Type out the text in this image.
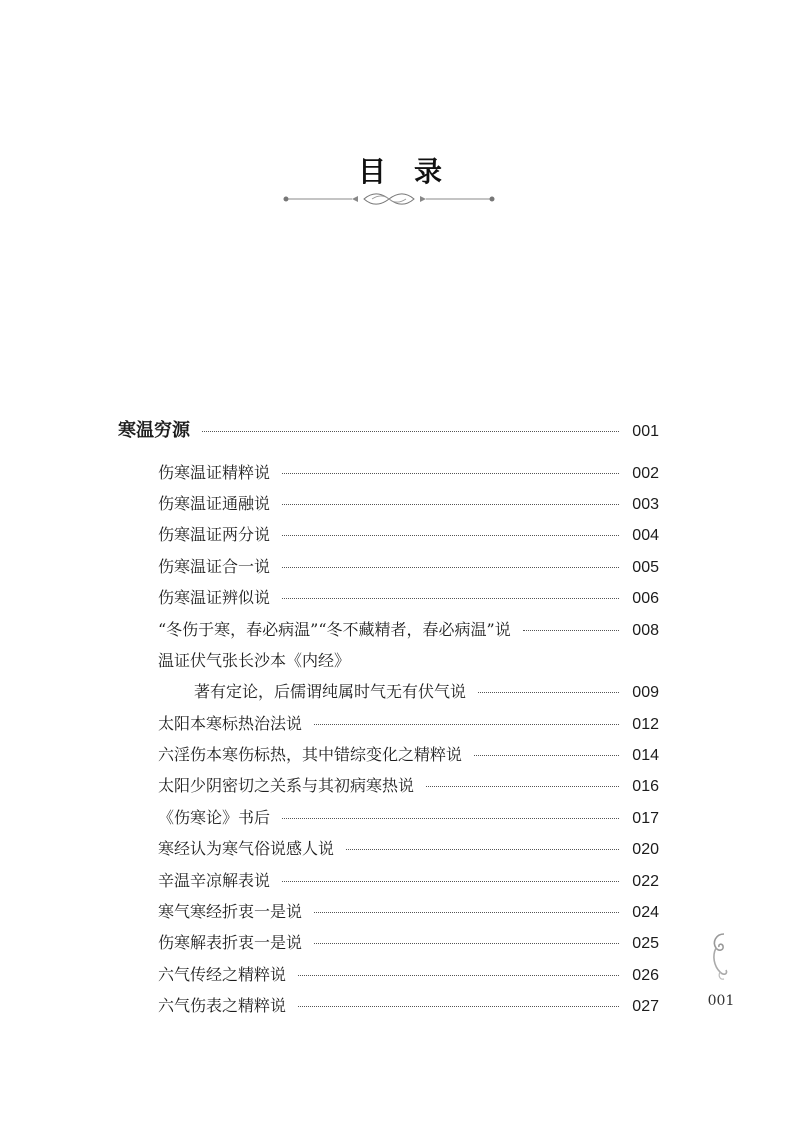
目录
寒温穷源	001
伤寒温证精粹说	002
伤寒温证通融说	003
伤寒温证两分说	004
伤寒温证合一说	005
伤寒温证辨似说	006
“冬伤于寒，春必病温”“冬不藏精者，春必病温”说	008
温证伏气张长沙本《内经》
著有定论，后儒谓纯属时气无有伏气说	009
太阳本寒标热治法说	012
六淫伤本寒伤标热，其中错综变化之精粹说	014
太阳少阴密切之关系与其初病寒热说	016
《伤寒论》书后	017
寒经认为寒气俗说感人说	020
辛温辛凉解表说	022
寒气寒经折衷一是说	024
伤寒解表折衷一是说	025
六气传经之精粹说	026
六气伤表之精粹说	027	001
